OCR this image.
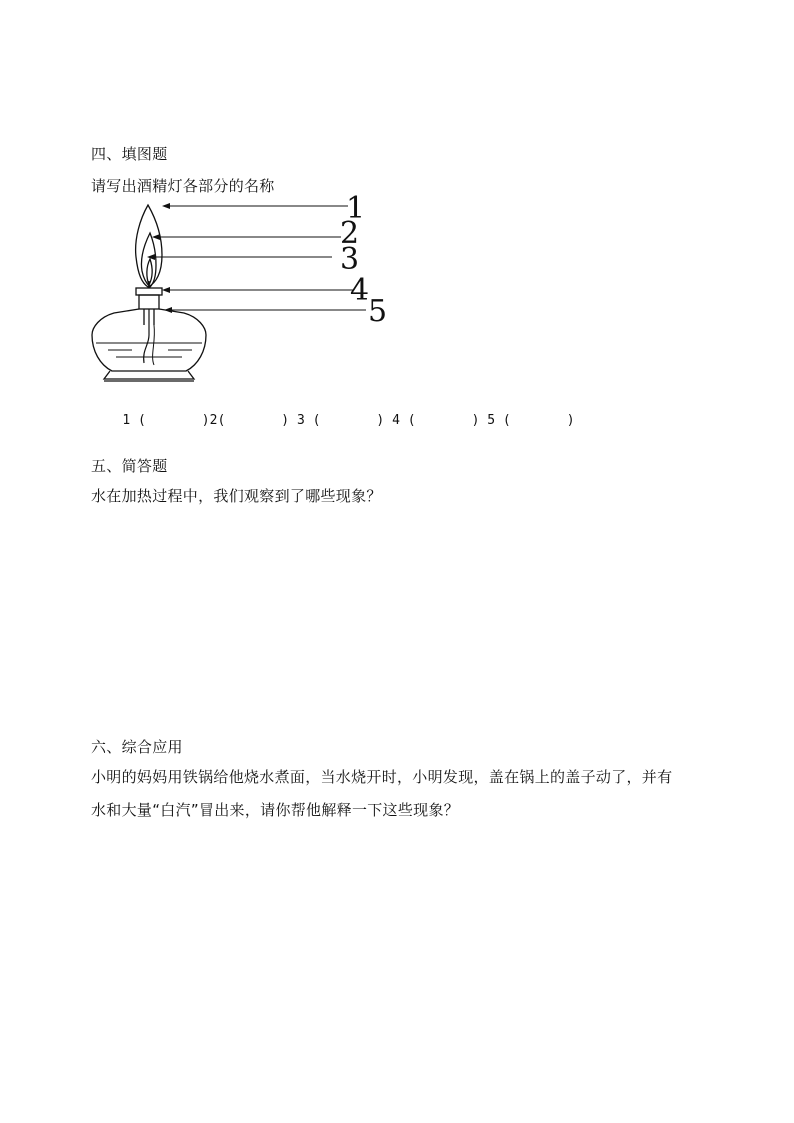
四、填图题
请写出酒精灯各部分的名称
1
2
3
4
5

1 (	)2(	) 3 (	) 4 (	) 5 (	)

五、简答题
水在加热过程中，我们观察到了哪些现象？
六、综合应用
小明的妈妈用铁锅给他烧水煮面，当水烧开时，小明发现，盖在锅上的盖子动了，并有
水和大量“白汽”冒出来，请你帮他解释一下这些现象？
